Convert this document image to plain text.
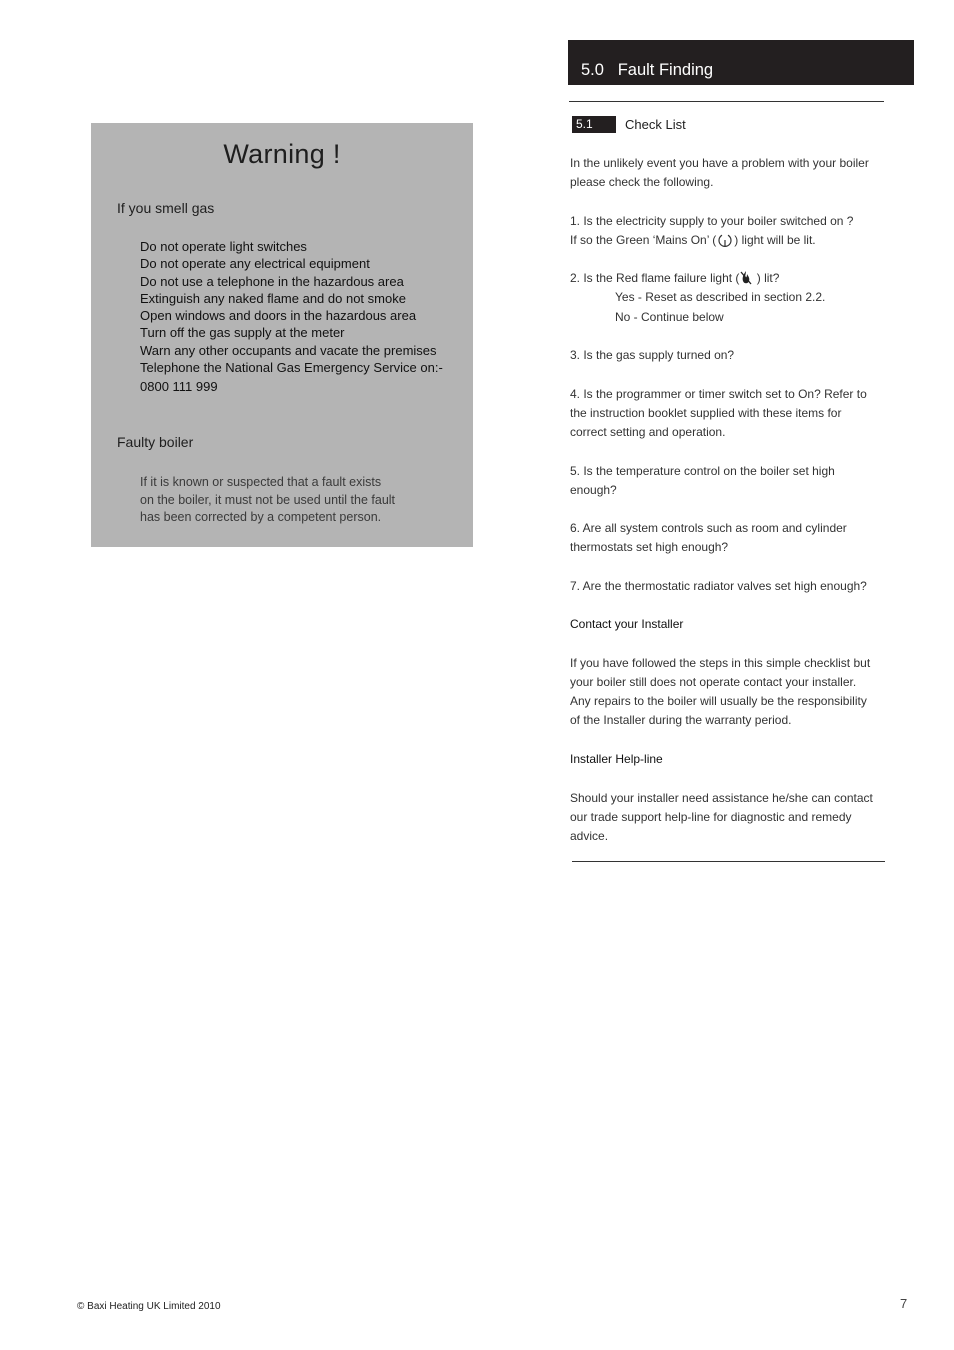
Warning !
If you smell gas
Do not operate light switches
Do not operate any electrical equipment
Do not use a telephone in the hazardous area
Extinguish any naked flame and do not smoke
Open windows and doors in the hazardous area
Turn off the gas supply at the meter
Warn any other occupants and vacate the premises
Telephone the National Gas Emergency Service on:-
0800 111 999
Faulty boiler
If it is known or suspected that a fault exists
on the boiler, it must not be used until the fault
has been corrected by a competent person.
5.0 Fault Finding
5.1 Check List
In the unlikely event you have a problem with your boiler
please check the following.
1. Is the electricity supply to your boiler switched on ?
If so the Green ‘Mains On’ ( ) light will be lit.
2. Is the Red flame failure light ( ) lit?
Yes - Reset as described in section 2.2.
No - Continue below
3. Is the gas supply turned on?
4. Is the programmer or timer switch set to On? Refer to
the instruction booklet supplied with these items for
correct setting and operation.
5. Is the temperature control on the boiler set high
enough?
6. Are all system controls such as room and cylinder
thermostats set high enough?
7. Are the thermostatic radiator valves set high enough?
Contact your Installer
If you have followed the steps in this simple checklist but
your boiler still does not operate contact your installer.
Any repairs to the boiler will usually be the responsibility
of the Installer during the warranty period.
Installer Help-line
Should your installer need assistance he/she can contact
our trade support help-line for diagnostic and remedy
advice.
© Baxi Heating UK Limited 2010	7
